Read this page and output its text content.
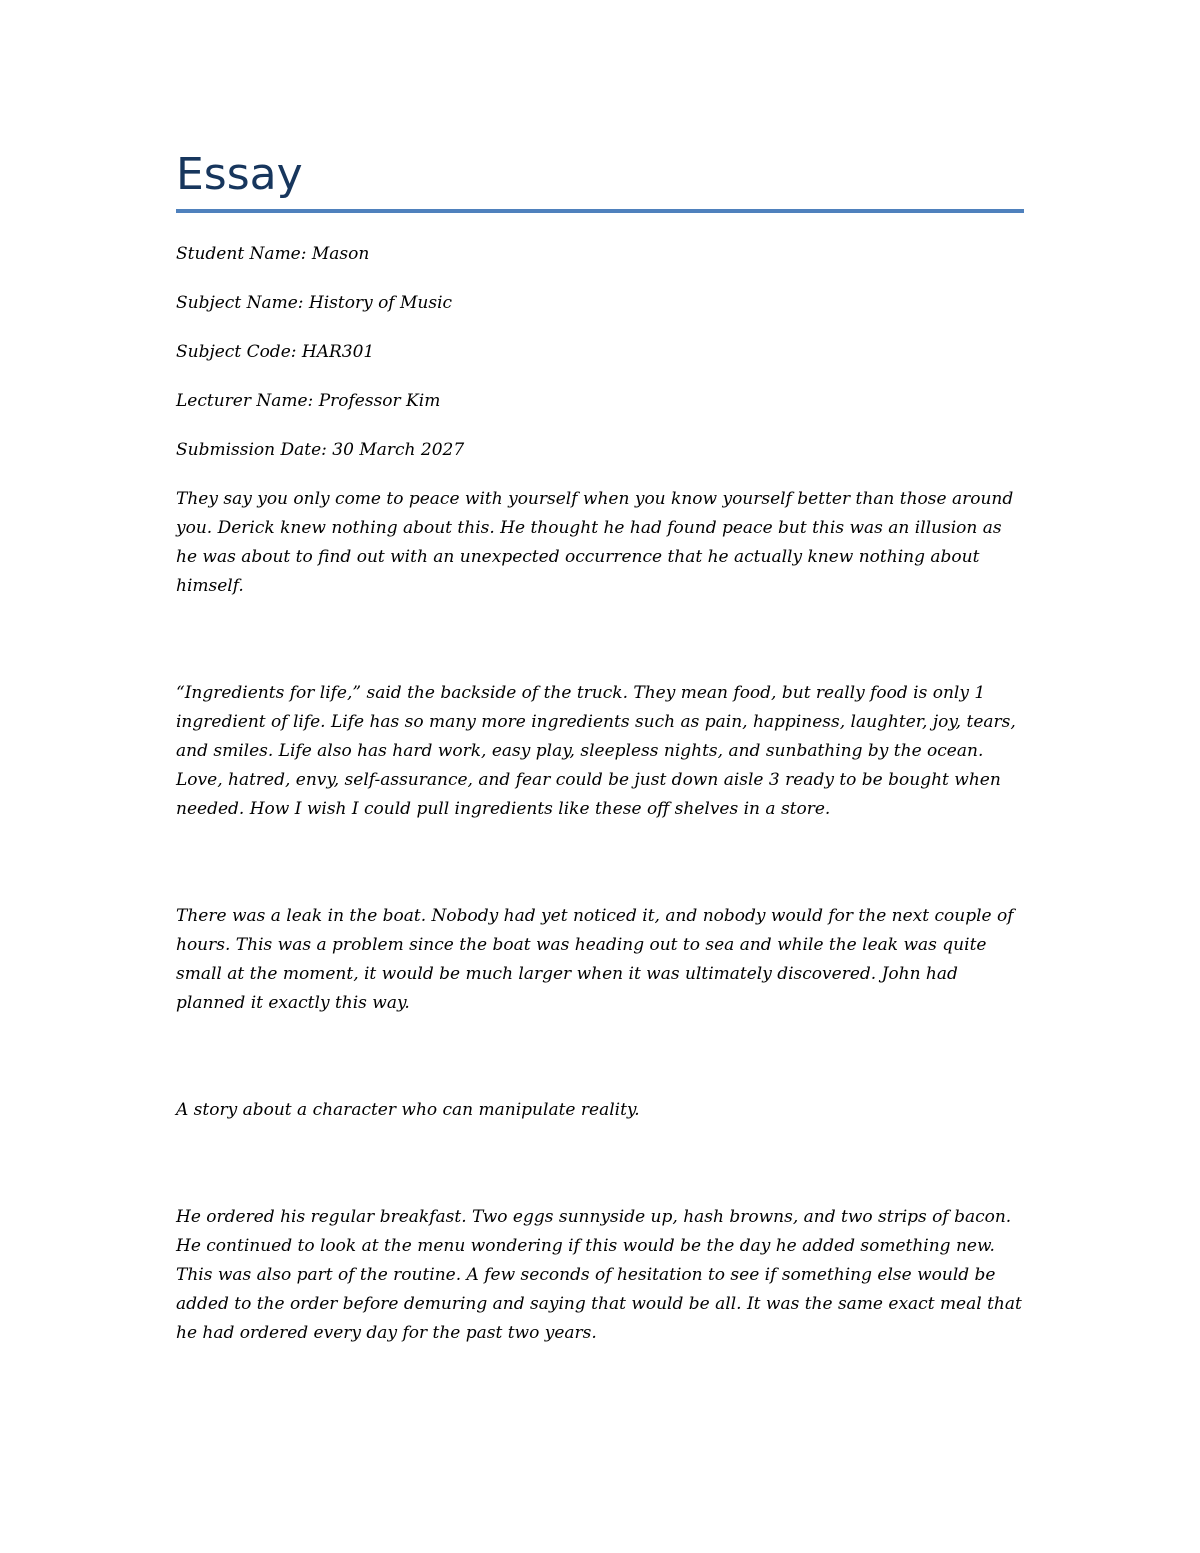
Essay

Student Name: Mason

Subject Name: History of Music

Subject Code: HAR301

Lecturer Name: Professor Kim

Submission Date: 30 March 2027

They say you only come to peace with yourself when you know yourself better than those around you. Derick knew nothing about this. He thought he had found peace but this was an illusion as he was about to find out with an unexpected occurrence that he actually knew nothing about himself.

“Ingredients for life,” said the backside of the truck. They mean food, but really food is only 1 ingredient of life. Life has so many more ingredients such as pain, happiness, laughter, joy, tears, and smiles. Life also has hard work, easy play, sleepless nights, and sunbathing by the ocean. Love, hatred, envy, self-assurance, and fear could be just down aisle 3 ready to be bought when needed. How I wish I could pull ingredients like these off shelves in a store.

There was a leak in the boat. Nobody had yet noticed it, and nobody would for the next couple of hours. This was a problem since the boat was heading out to sea and while the leak was quite small at the moment, it would be much larger when it was ultimately discovered. John had planned it exactly this way.

A story about a character who can manipulate reality.

He ordered his regular breakfast. Two eggs sunnyside up, hash browns, and two strips of bacon. He continued to look at the menu wondering if this would be the day he added something new. This was also part of the routine. A few seconds of hesitation to see if something else would be added to the order before demuring and saying that would be all. It was the same exact meal that he had ordered every day for the past two years.
